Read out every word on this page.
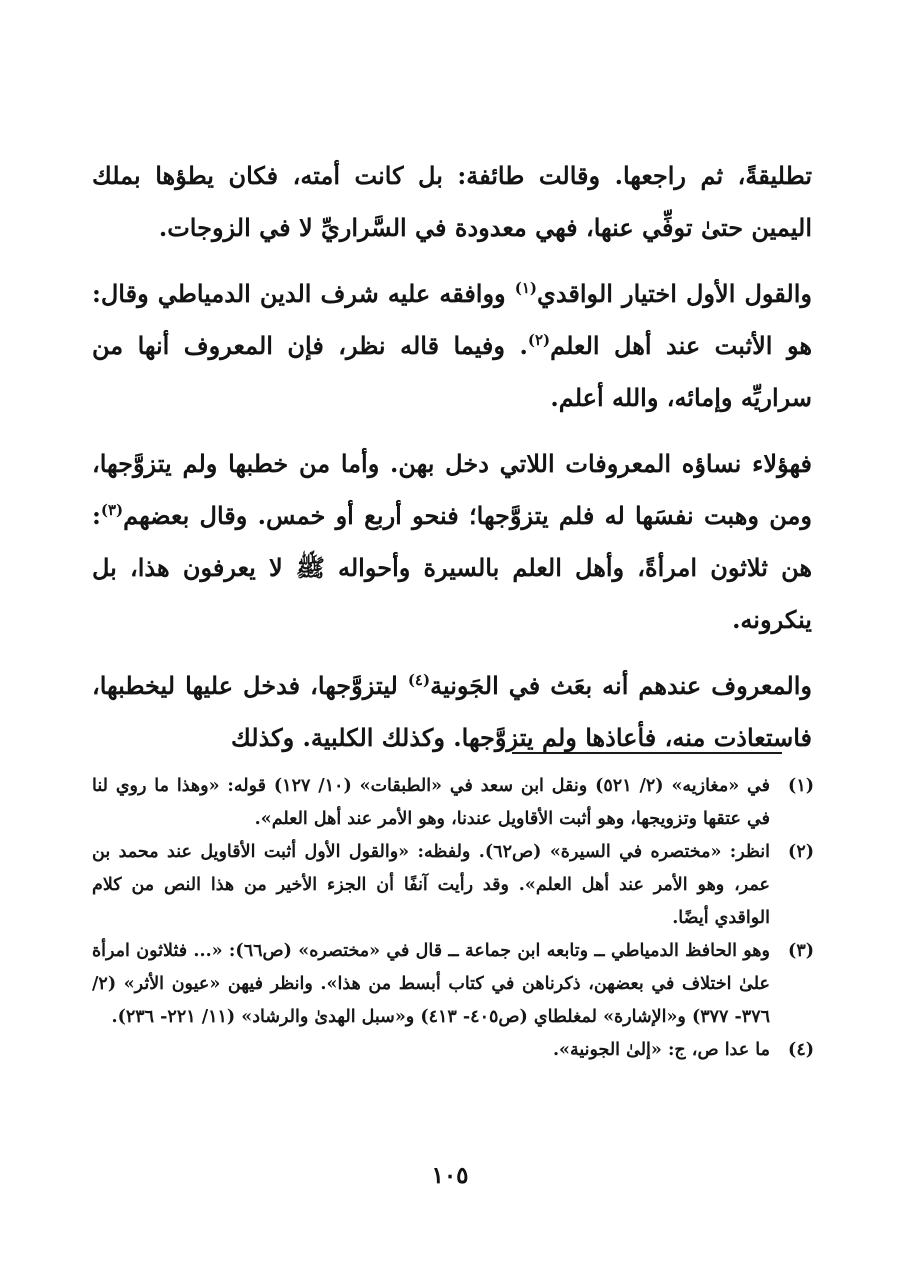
تطليقةً، ثم راجعها. وقالت طائفة: بل كانت أمته، فكان يطؤها بملك اليمين حتىٰ توفِّي عنها، فهي معدودة في السَّراريِّ لا في الزوجات.

والقول الأول اختيار الواقدي$^{(١)}$ ووافقه عليه شرف الدين الدمياطي وقال: هو الأثبت عند أهل العلم$^{(٢)}$. وفيما قاله نظر، فإن المعروف أنها من سراريِّه وإمائه، والله أعلم.

فهؤلاء نساؤه المعروفات اللاتي دخل بهن. وأما من خطبها ولم يتزوَّجها، ومن وهبت نفسَها له فلم يتزوَّجها؛ فنحو أربع أو خمس. وقال بعضهم$^{(٣)}$: هن ثلاثون امرأةً، وأهل العلم بالسيرة وأحواله ﷺ لا يعرفون هذا، بل ينكرونه.

والمعروف عندهم أنه بعَث في الجَونية$^{(٤)}$ ليتزوَّجها، فدخل عليها ليخطبها، فاستعاذت منه، فأعاذها ولم يتزوَّجها. وكذلك الكلبية. وكذلك

(١)
في «مغازيه» (٢/ ٥٢١) ونقل ابن سعد في «الطبقات» (١٠/ ١٢٧) قوله: «وهذا ما روي لنا في عتقها وتزويجها، وهو أثبت الأقاويل عندنا، وهو الأمر عند أهل العلم».

(٢)
انظر: «مختصره في السيرة» (ص٦٢). ولفظه: «والقول الأول أثبت الأقاويل عند محمد بن عمر، وهو الأمر عند أهل العلم». وقد رأيت آنفًا أن الجزء الأخير من هذا النص من كلام الواقدي أيضًا.

(٣)
وهو الحافظ الدمياطي ــ وتابعه ابن جماعة ــ قال في «مختصره» (ص٦٦): «... فثلاثون امرأة علىٰ اختلاف في بعضهن، ذكرناهن في كتاب أبسط من هذا». وانظر فيهن «عيون الأثر» (٢/ ٣٧٦- ٣٧٧) و«الإشارة» لمغلطاي (ص٤٠٥- ٤١٣) و«سبل الهدىٰ والرشاد» (١١/ ٢٢١- ٢٣٦).

(٤)
ما عدا ص، ج: «إلىٰ الجونية».

١٠٥
